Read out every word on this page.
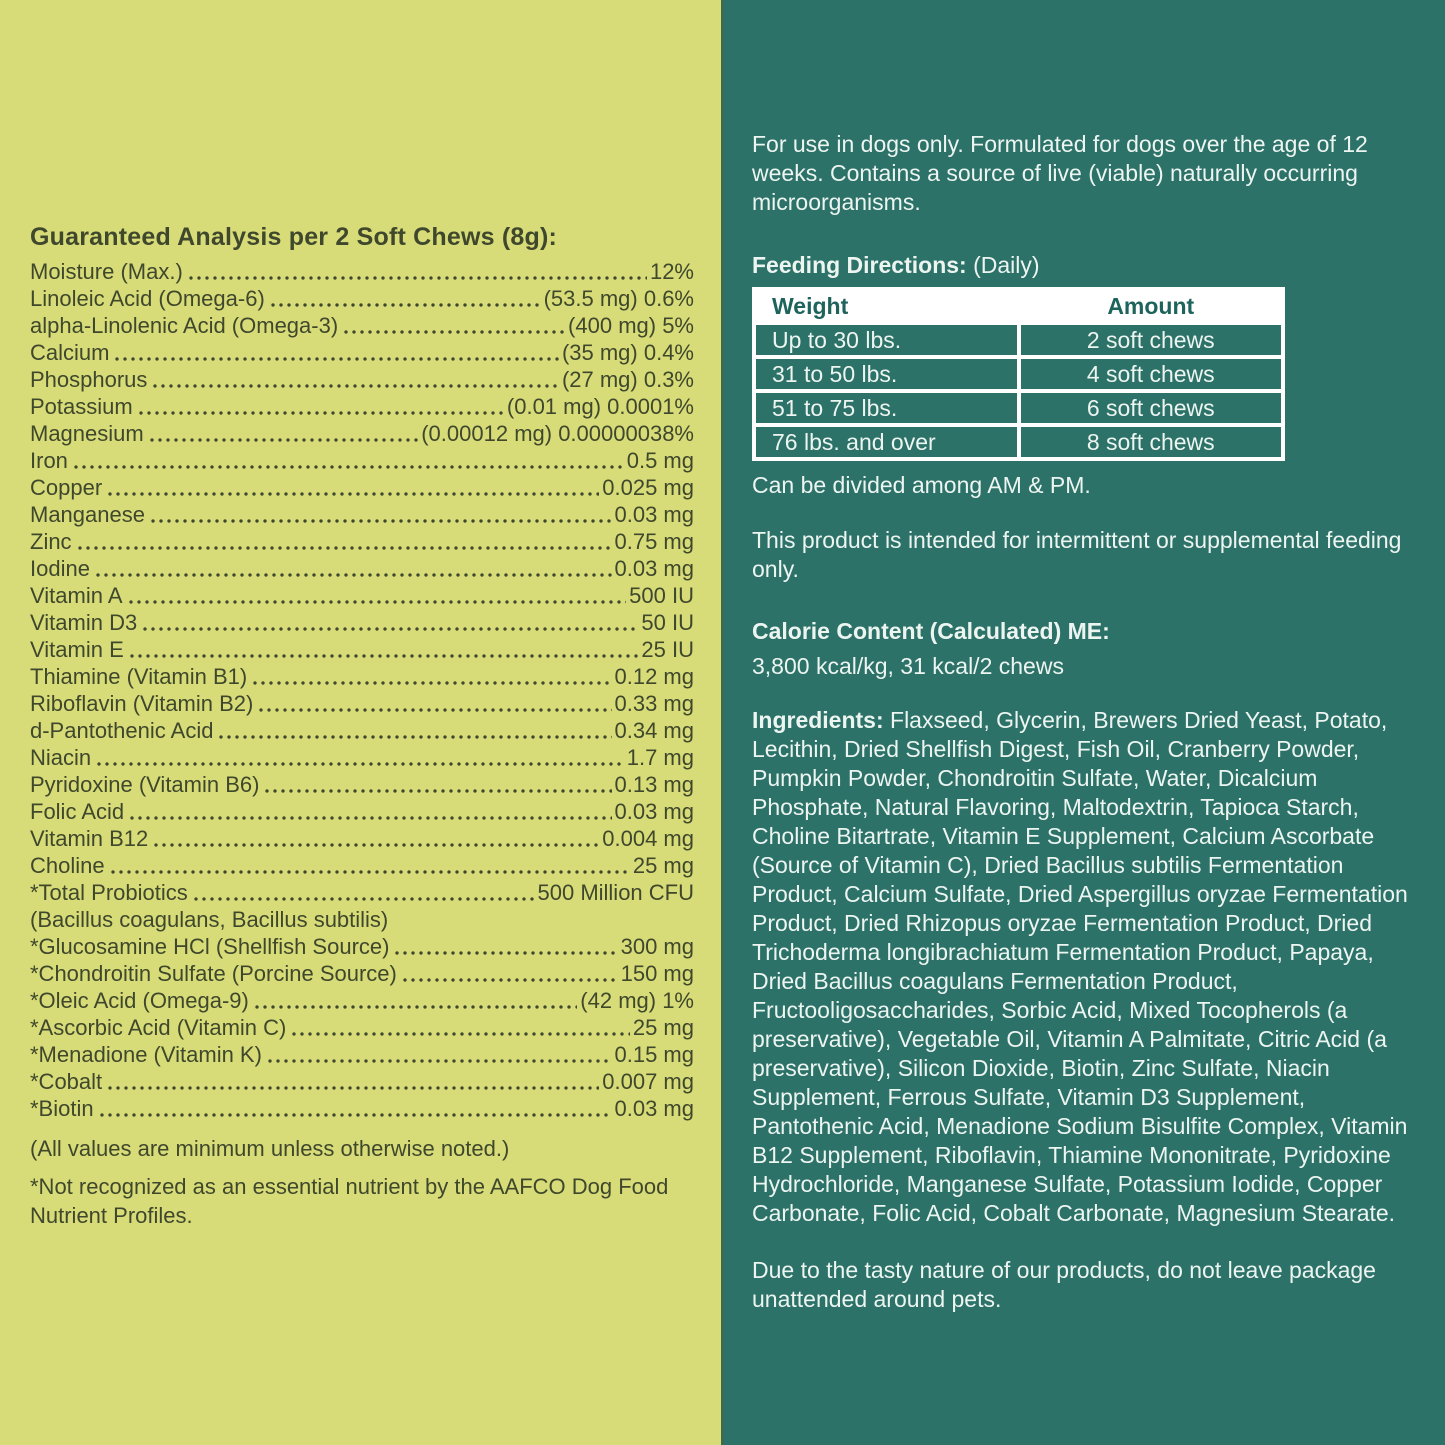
Guaranteed Analysis per 2 Soft Chews (8g):
Moisture (Max.)	12%
Linoleic Acid (Omega-6)	(53.5 mg) 0.6%
alpha-Linolenic Acid (Omega-3)	(400 mg) 5%
Calcium	(35 mg) 0.4%
Phosphorus	(27 mg) 0.3%
Potassium	(0.01 mg) 0.0001%
Magnesium	(0.00012 mg) 0.00000038%
Iron	0.5 mg
Copper	0.025 mg
Manganese	0.03 mg
Zinc	0.75 mg
Iodine	0.03 mg
Vitamin A	500 IU
Vitamin D3	50 IU
Vitamin E	25 IU
Thiamine (Vitamin B1)	0.12 mg
Riboflavin (Vitamin B2)	0.33 mg
d-Pantothenic Acid	0.34 mg
Niacin	1.7 mg
Pyridoxine (Vitamin B6)	0.13 mg
Folic Acid	0.03 mg
Vitamin B12	0.004 mg
Choline	25 mg
*Total Probiotics	500 Million CFU
(Bacillus coagulans, Bacillus subtilis)
*Glucosamine HCl (Shellfish Source)	300 mg
*Chondroitin Sulfate (Porcine Source)	150 mg
*Oleic Acid (Omega-9)	(42 mg) 1%
*Ascorbic Acid (Vitamin C)	25 mg
*Menadione (Vitamin K)	0.15 mg
*Cobalt	0.007 mg
*Biotin	0.03 mg

(All values are minimum unless otherwise noted.)

*Not recognized as an essential nutrient by the AAFCO Dog Food Nutrient Profiles.

For use in dogs only. Formulated for dogs over the age of 12 weeks. Contains a source of live (viable) naturally occurring microorganisms.

Feeding Directions: (Daily)

Weight	Amount
Up to 30 lbs.	2 soft chews
31 to 50 lbs.	4 soft chews
51 to 75 lbs.	6 soft chews
76 lbs. and over	8 soft chews

Can be divided among AM & PM.

This product is intended for intermittent or supplemental feeding only.

Calorie Content (Calculated) ME:

3,800 kcal/kg, 31 kcal/2 chews

Ingredients: Flaxseed, Glycerin, Brewers Dried Yeast, Potato, Lecithin, Dried Shellfish Digest, Fish Oil, Cranberry Powder, Pumpkin Powder, Chondroitin Sulfate, Water, Dicalcium Phosphate, Natural Flavoring, Maltodextrin, Tapioca Starch, Choline Bitartrate, Vitamin E Supplement, Calcium Ascorbate (Source of Vitamin C), Dried Bacillus subtilis Fermentation Product, Calcium Sulfate, Dried Aspergillus oryzae Fermentation Product, Dried Rhizopus oryzae Fermentation Product, Dried Trichoderma longibrachiatum Fermentation Product, Papaya, Dried Bacillus coagulans Fermentation Product, Fructooligosaccharides, Sorbic Acid, Mixed Tocopherols (a preservative), Vegetable Oil, Vitamin A Palmitate, Citric Acid (a preservative), Silicon Dioxide, Biotin, Zinc Sulfate, Niacin Supplement, Ferrous Sulfate, Vitamin D3 Supplement, Pantothenic Acid, Menadione Sodium Bisulfite Complex, Vitamin B12 Supplement, Riboflavin, Thiamine Mononitrate, Pyridoxine Hydrochloride, Manganese Sulfate, Potassium Iodide, Copper Carbonate, Folic Acid, Cobalt Carbonate, Magnesium Stearate.

Due to the tasty nature of our products, do not leave package unattended around pets.
